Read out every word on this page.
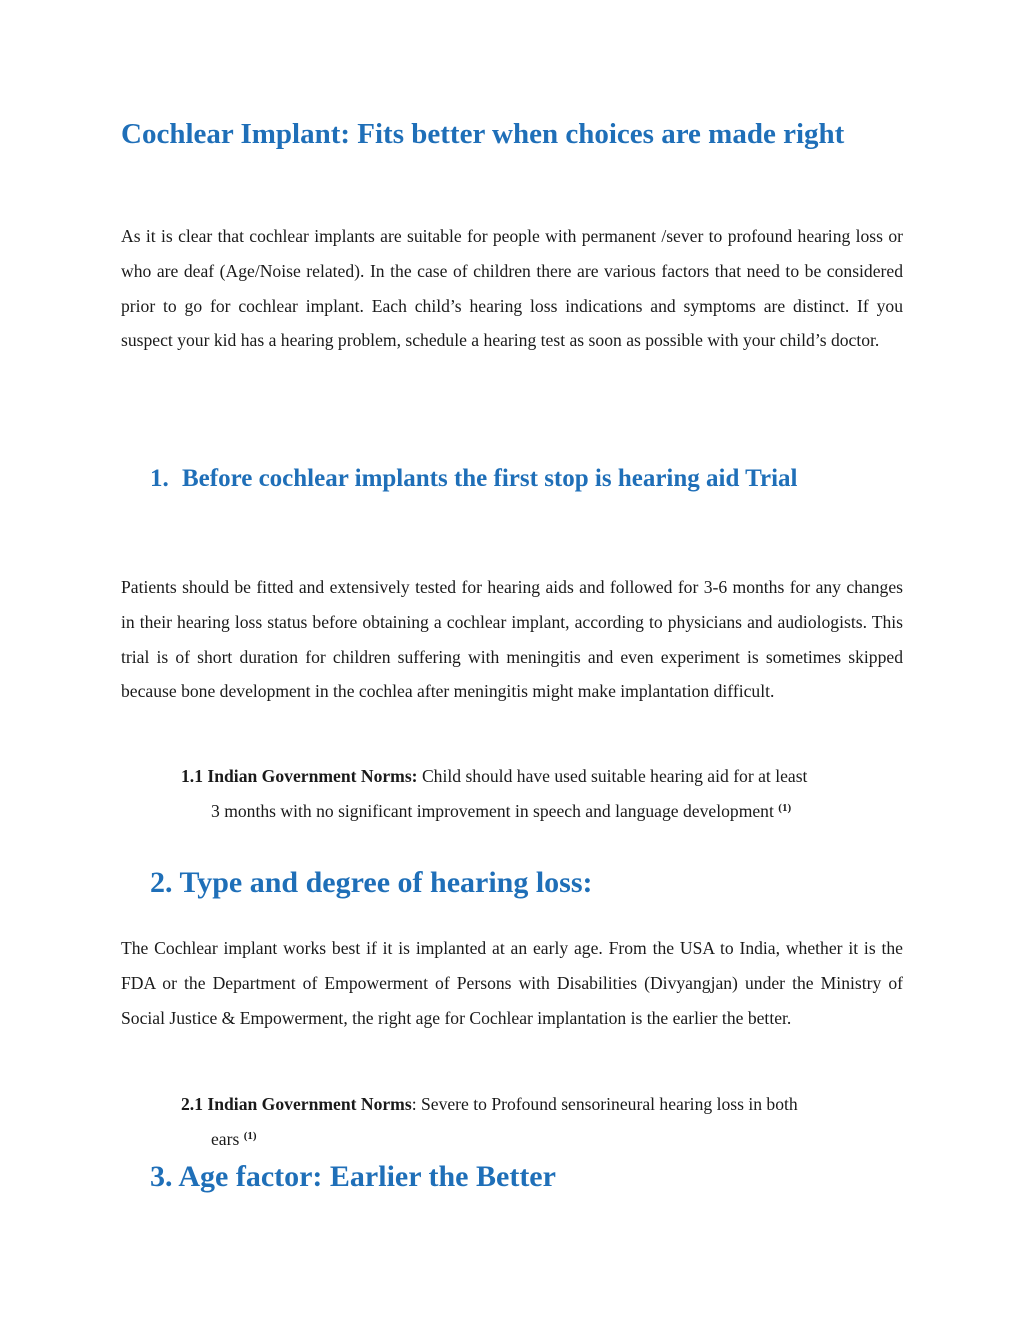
Cochlear Implant: Fits better when choices are made right

As it is clear that cochlear implants are suitable for people with permanent /sever to profound hearing loss or who are deaf (Age/Noise related). In the case of children there are various factors that need to be considered prior to go for cochlear implant. Each child’s hearing loss indications and symptoms are distinct. If you suspect your kid has a hearing problem, schedule a hearing test as soon as possible with your child’s doctor.

1. Before cochlear implants the first stop is hearing aid Trial

Patients should be fitted and extensively tested for hearing aids and followed for 3-6 months for any changes in their hearing loss status before obtaining a cochlear implant, according to physicians and audiologists. This trial is of short duration for children suffering with meningitis and even experiment is sometimes skipped because bone development in the cochlea after meningitis might make implantation difficult.

1.1 Indian Government Norms: Child should have used suitable hearing aid for at least
3 months with no significant improvement in speech and language development $^{(1)}$

2. Type and degree of hearing loss:

The Cochlear implant works best if it is implanted at an early age. From the USA to India, whether it is the FDA or the Department of Empowerment of Persons with Disabilities (Divyangjan) under the Ministry of Social Justice & Empowerment, the right age for Cochlear implantation is the earlier the better.

2.1 Indian Government Norms: Severe to Profound sensorineural hearing loss in both
ears $^{(1)}$

3. Age factor: Earlier the Better
